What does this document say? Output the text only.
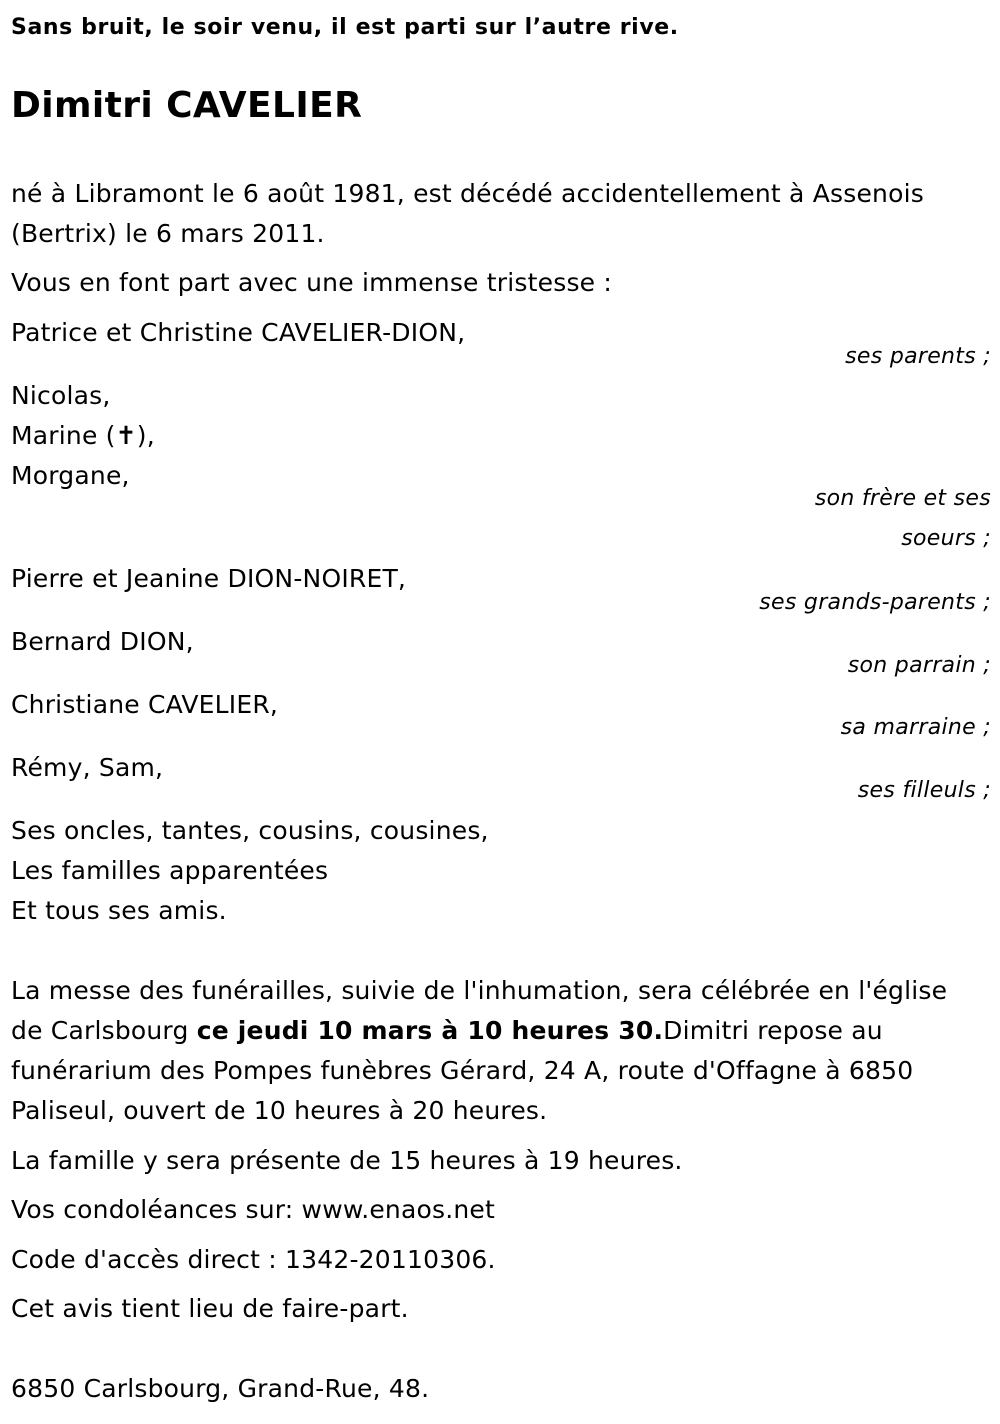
Sans bruit, le soir venu, il est parti sur l’autre rive.
Dimitri CAVELIER
né à Libramont le 6 août 1981, est décédé accidentellement à Assenois
(Bertrix) le 6 mars 2011.
Vous en font part avec une immense tristesse :
Patrice et Christine CAVELIER-DION,
ses parents ;
Nicolas,
Marine (✝),
Morgane,
son frère et ses
soeurs ;
Pierre et Jeanine DION-NOIRET,
ses grands-parents ;
Bernard DION,
son parrain ;
Christiane CAVELIER,
sa marraine ;
Rémy, Sam,
ses filleuls ;
Ses oncles, tantes, cousins, cousines,
Les familles apparentées
Et tous ses amis.
La messe des funérailles, suivie de l'inhumation, sera célébrée en l'église
de Carlsbourg ce jeudi 10 mars à 10 heures 30.Dimitri repose au
funérarium des Pompes funèbres Gérard, 24 A, route d'Offagne à 6850
Paliseul, ouvert de 10 heures à 20 heures.
La famille y sera présente de 15 heures à 19 heures.
Vos condoléances sur: www.enaos.net
Code d'accès direct : 1342-20110306.
Cet avis tient lieu de faire-part.
6850 Carlsbourg, Grand-Rue, 48.
